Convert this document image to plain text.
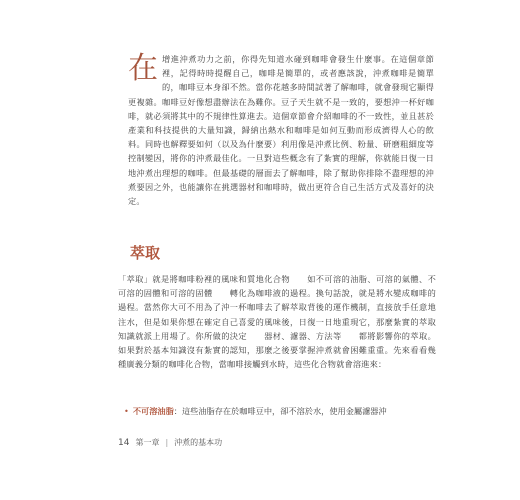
在 增進沖煮功力之前，你得先知道水碰到咖啡會發生什麼事。在這個章節裡，記得時時提醒自己，咖啡是簡單的，或者應該說，沖煮咖啡是簡單的，咖啡豆本身卻不然。當你花越多時間試著了解咖啡，就會發現它顯得更複雜。咖啡豆好像想盡辦法在為難你。豆子天生就不是一致的，要想沖一杯好咖啡，就必須將其中的不規律性算進去。這個章節會介紹咖啡的不一致性，並且甚於產業和科技提供的大量知識，歸納出熱水和咖啡是如何互動而形成濟得人心的飲料。同時也解釋要如何（以及為什麼要）利用像是沖煮比例、粉量、研磨粗細度等控制變因，將你的沖煮最佳化。一旦對這些概念有了紮實的理解，你就能日復一日地沖煮出理想的咖啡。但最基礎的層面去了解咖啡，除了幫助你排除不盡理想的沖煮要因之外，也能讓你在挑選器材和咖啡時，做出更符合自己生活方式及喜好的決定。

萃取

「萃取」就是將咖啡粉裡的風味和質地化合物　　如不可溶的油脂、可溶的氣體、不可溶的固體和可溶的固體　　轉化為咖啡液的過程。換句話說，就是將水變成咖啡的過程。當然你大可不用為了沖一杯咖啡去了解萃取背後的運作機制，直接放手任意地注水，但是如果你想在確定自己喜愛的風味後，日復一日地重現它，那麼紮實的萃取知識就派上用場了。你所做的決定　　器材、濾器、方法等　　都將影響你的萃取。如果對於基本知識沒有紮實的認知，那麼之後要掌握沖煮就會困難重重。先來看看幾種廣義分類的咖啡化合物，當咖啡接觸到水時，這些化合物就會溶進來：

• 不可溶油脂：這些油脂存在於咖啡豆中，卻不溶於水，使用金屬濾器沖
14 第一章 | 沖煮的基本功
